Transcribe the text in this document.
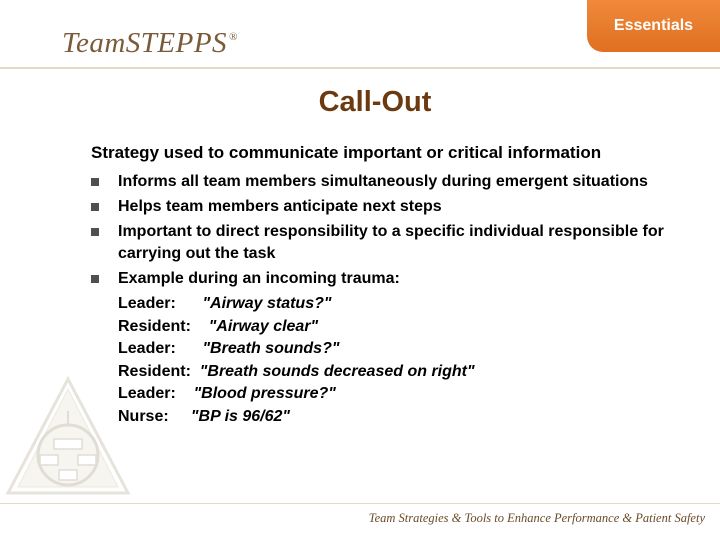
TeamSTEPPS ®
Essentials
Call-Out
Strategy used to communicate important or critical information
Informs all team members simultaneously during emergent situations
Helps team members anticipate next steps
Important to direct responsibility to a specific individual responsible for carrying out the task
Example during an incoming trauma:
Leader: "Airway status?"
Resident: "Airway clear"
Leader: "Breath sounds?"
Resident: "Breath sounds decreased on right"
Leader: "Blood pressure?"
Nurse: "BP is 96/62"
Team Strategies & Tools to Enhance Performance & Patient Safety
